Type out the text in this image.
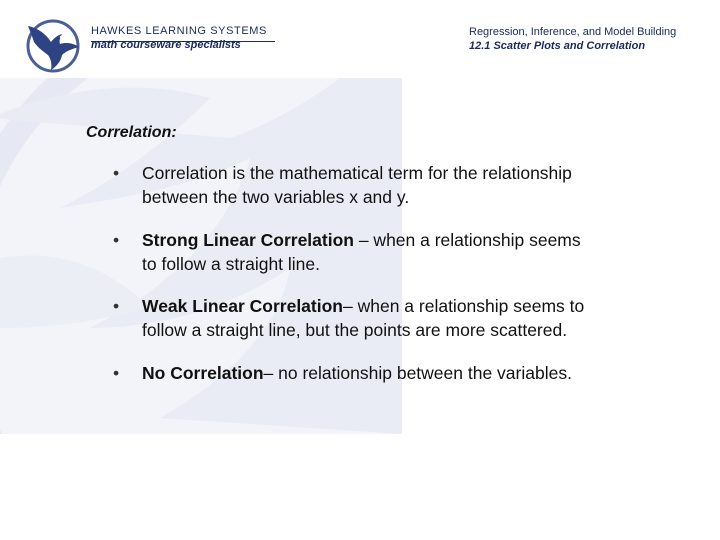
HAWKES LEARNING SYSTEMS
math courseware specialists
Regression, Inference, and Model Building
12.1 Scatter Plots and Correlation
Correlation:
• Correlation is the mathematical term for the relationship between the two variables x and y.
• Strong Linear Correlation – when a relationship seems to follow a straight line.
• Weak Linear Correlation– when a relationship seems to follow a straight line, but the points are more scattered.
• No Correlation– no relationship between the variables.
